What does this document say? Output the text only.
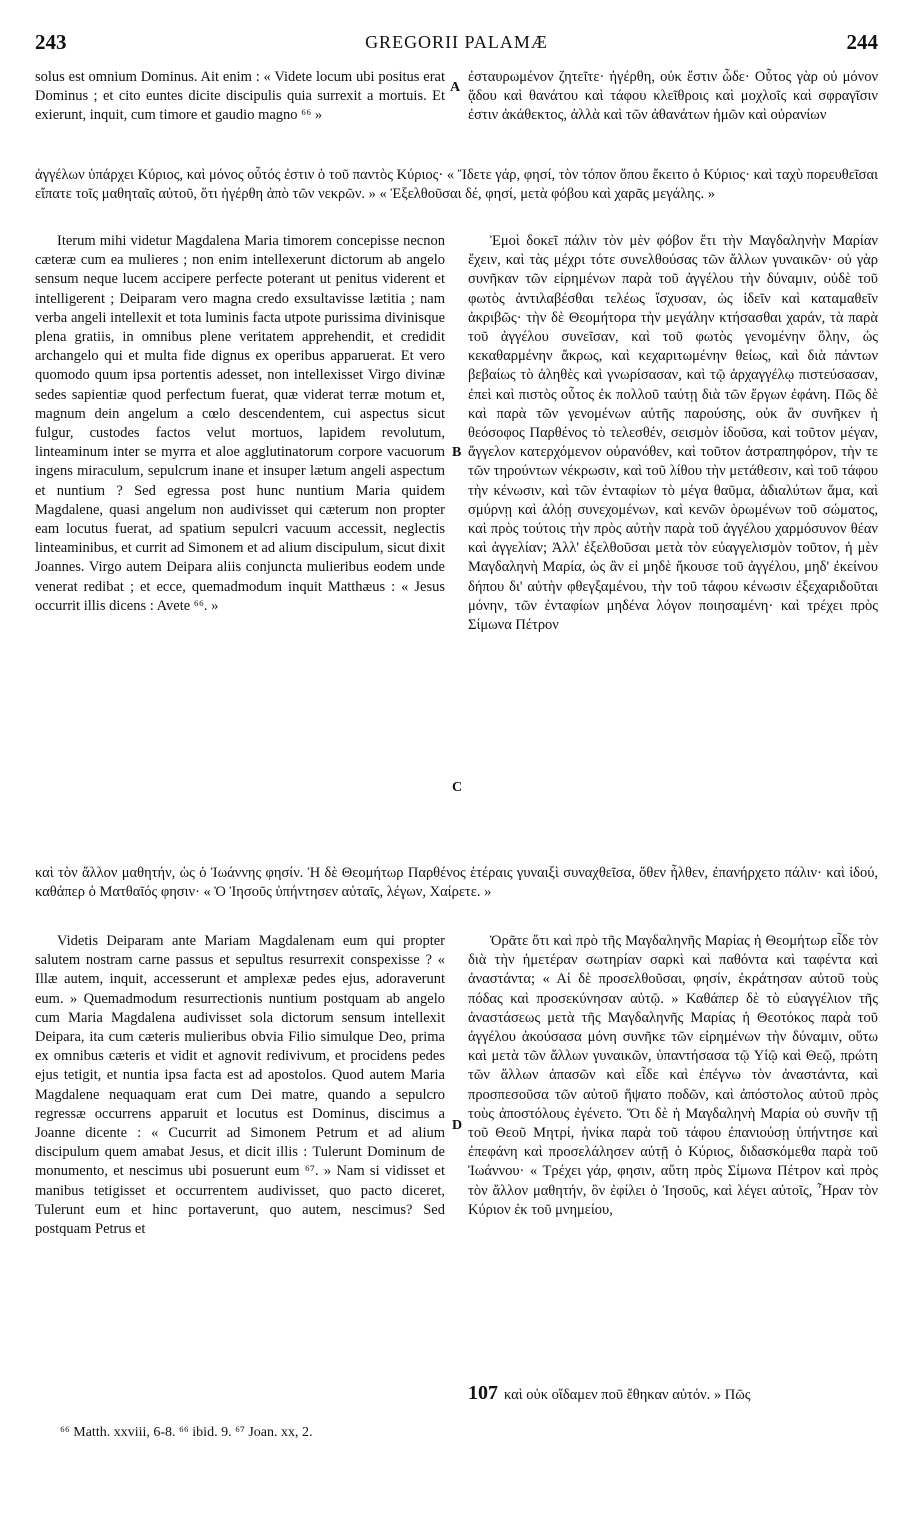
243	GREGORII PALAMÆ	244

solus est omnium Dominus. Ait enim : « Videte locum ubi positus erat Dominus ; et cito euntes dicite discipulis quia surrexit a mortuis. Et exierunt, inquit, cum timore et gaudio magno ⁶⁶ »

A

ἐσταυρωμένον ζητεῖτε· ἠγέρθη, οὐκ ἔστιν ὧδε· Οὗτος γὰρ οὐ μόνον ᾅδου καὶ θανάτου καὶ τάφου κλεῖθροις καὶ μοχλοῖς καὶ σφραγῖσιν ἐστιν ἀκάθεκτος, ἀλλὰ καὶ τῶν ἀθανάτων ἡμῶν καὶ οὐρανίων

ἀγγέλων ὑπάρχει Κύριος, καὶ μόνος οὗτός ἐστιν ὁ τοῦ παντὸς Κύριος· « Ἴδετε γάρ, φησί, τὸν τόπον ὅπου ἔκειτο ὁ Κύριος· καὶ ταχὺ πορευθεῖσαι εἴπατε τοῖς μαθηταῖς αὐτοῦ, ὅτι ἠγέρθη ἀπὸ τῶν νεκρῶν. » « Ἐξελθοῦσαι δέ, φησί, μετὰ φόβου καὶ χαρᾶς μεγάλης. »

Iterum mihi videtur Magdalena Maria timorem concepisse necnon cæteræ cum ea mulieres ; non enim intellexerunt dictorum ab angelo sensum neque lucem accipere perfecte poterant ut penitus viderent et intelligerent ; Deiparam vero magna credo exsultavisse lætitia ; nam verba angeli intellexit et tota luminis facta utpote purissima divinisque plena gratiis, in omnibus plene veritatem apprehendit, et credidit archangelo qui et multa fide dignus ex operibus apparuerat. Et vero quomodo quum ipsa portentis adesset, non intellexisset Virgo divinæ sedes sapientiæ quod perfectum fuerat, quæ viderat terræ motum et, magnum dein angelum a cœlo descendentem, cui aspectus sicut fulgur, custodes factos velut mortuos, lapidem revolutum, linteaminum inter se myrra et aloe agglutinatorum corpore vacuorum ingens miraculum, sepulcrum inane et insuper lætum angeli aspectum et nuntium ? Sed egressa post hunc nuntium Maria quidem Magdalene, quasi angelum non audivisset qui cæterum non propter eam locutus fuerat, ad spatium sepulcri vacuum accessit, neglectis linteaminibus, et currit ad Simonem et ad alium discipulum, sicut dixit Joannes. Virgo autem Deipara aliis conjuncta mulieribus eodem unde venerat redibat ; et ecce, quemadmodum inquit Matthæus : « Jesus occurrit illis dicens : Avete ⁶⁶. »

B
C

Ἐμοὶ δοκεῖ πάλιν τὸν μὲν φόβον ἔτι τὴν Μαγδαληνὴν Μαρίαν ἔχειν, καὶ τὰς μέχρι τότε συνελθούσας τῶν ἄλλων γυναικῶν· οὐ γὰρ συνῆκαν τῶν εἰρημένων παρὰ τοῦ ἀγγέλου τὴν δύναμιν, οὐδὲ τοῦ φωτὸς ἀντιλαβέσθαι τελέως ἴσχυσαν, ὡς ἰδεῖν καὶ καταμαθεῖν ἀκριβῶς· τὴν δὲ Θεομήτορα τὴν μεγάλην κτήσασθαι χαράν, τὰ παρὰ τοῦ ἀγγέλου συνεῖσαν, καὶ τοῦ φωτὸς γενομένην ὅλην, ὡς κεκαθαρμένην ἄκρως, καὶ κεχαριτωμένην θείως, καὶ διὰ πάντων βεβαίως τὸ ἀληθὲς καὶ γνωρίσασαν, καὶ τῷ ἀρχαγγέλῳ πιστεύσασαν, ἐπεὶ καὶ πιστὸς οὗτος ἐκ πολλοῦ ταύτῃ διὰ τῶν ἔργων ἐφάνη. Πῶς δὲ καὶ παρὰ τῶν γενομένων αὐτῆς παρούσης, οὐκ ἂν συνῆκεν ἡ θεόσοφος Παρθένος τὸ τελεσθέν, σεισμὸν ἰδοῦσα, καὶ τοῦτον μέγαν, ἄγγελον κατερχόμενον οὐρανόθεν, καὶ τοῦτον ἀστραπηφόρον, τὴν τε τῶν τηρούντων νέκρωσιν, καὶ τοῦ λίθου τὴν μετάθεσιν, καὶ τοῦ τάφου τὴν κένωσιν, καὶ τῶν ἐνταφίων τὸ μέγα θαῦμα, ἀδιαλύτων ἅμα, καὶ σμύρνῃ καὶ ἀλόῃ συνεχομένων, καὶ κενῶν ὁρωμένων τοῦ σώματος, καὶ πρὸς τούτοις τὴν πρὸς αὐτὴν παρὰ τοῦ ἀγγέλου χαρμόσυνον θέαν καὶ ἀγγελίαν; Ἀλλ' ἐξελθοῦσαι μετὰ τὸν εὐαγγελισμὸν τοῦτον, ἡ μὲν Μαγδαληνὴ Μαρία, ὡς ἂν εἰ μηδὲ ἤκουσε τοῦ ἀγγέλου, μηδ' ἐκείνου δήπου δι' αὐτὴν φθεγξαμένου, τὴν τοῦ τάφου κένωσιν ἐξεχαριδοῦται μόνην, τῶν ἐνταφίων μηδένα λόγον ποιησαμένη· καὶ τρέχει πρὸς Σίμωνα Πέτρον

καὶ τὸν ἄλλον μαθητήν, ὡς ὁ Ἰωάννης φησίν. Ἡ δὲ Θεομήτωρ Παρθένος ἑτέραις γυναιξὶ συναχθεῖσα, ὅθεν ἦλθεν, ἐπανήρχετο πάλιν· καὶ ἰδού, καθάπερ ὁ Ματθαῖός φησιν· « Ὁ Ἰησοῦς ὑπήντησεν αὐταῖς, λέγων, Χαίρετε. »

Videtis Deiparam ante Mariam Magdalenam eum qui propter salutem nostram carne passus et sepultus resurrexit conspexisse ? « Illæ autem, inquit, accesserunt et amplexæ pedes ejus, adoraverunt eum. » Quemadmodum resurrectionis nuntium postquam ab angelo cum Maria Magdalena audivisset sola dictorum sensum intellexit Deipara, ita cum cæteris mulieribus obvia Filio simulque Deo, prima ex omnibus cæteris et vidit et agnovit redivivum, et procidens pedes ejus tetigit, et nuntia ipsa facta est ad apostolos. Quod autem Maria Magdalene nequaquam erat cum Dei matre, quando a sepulcro regressæ occurrens apparuit et locutus est Dominus, discimus a Joanne dicente : « Cucurrit ad Simonem Petrum et ad alium discipulum quem amabat Jesus, et dicit illis : Tulerunt Dominum de monumento, et nescimus ubi posuerunt eum ⁶⁷. » Nam si vidisset et manibus tetigisset et occurrentem audivisset, quo pacto diceret, Tulerunt eum et hinc portaverunt, quo autem, nescimus? Sed postquam Petrus et

D

Ὁρᾶτε ὅτι καὶ πρὸ τῆς Μαγδαληνῆς Μαρίας ἡ Θεομήτωρ εἶδε τὸν διὰ τὴν ἡμετέραν σωτηρίαν σαρκὶ καὶ παθόντα καὶ ταφέντα καὶ ἀναστάντα; « Αἱ δὲ προσελθοῦσαι, φησίν, ἐκράτησαν αὐτοῦ τοὺς πόδας καὶ προσεκύνησαν αὐτῷ. » Καθάπερ δὲ τὸ εὐαγγέλιον τῆς ἀναστάσεως μετὰ τῆς Μαγδαληνῆς Μαρίας ἡ Θεοτόκος παρὰ τοῦ ἀγγέλου ἀκούσασα μόνη συνῆκε τῶν εἰρημένων τὴν δύναμιν, οὕτω καὶ μετὰ τῶν ἄλλων γυναικῶν, ὑπαντήσασα τῷ Υἱῷ καὶ Θεῷ, πρώτη τῶν ἄλλων ἁπασῶν καὶ εἶδε καὶ ἐπέγνω τὸν ἀναστάντα, καὶ προσπεσοῦσα τῶν αὐτοῦ ἥψατο ποδῶν, καὶ ἀπόστολος αὐτοῦ πρὸς τοὺς ἀποστόλους ἐγένετο. Ὅτι δὲ ἡ Μαγδαληνὴ Μαρία οὐ συνῆν τῇ τοῦ Θεοῦ Μητρί, ἡνίκα παρὰ τοῦ τάφου ἐπανιούσῃ ὑπήντησε καὶ ἐπεφάνη καὶ προσελάλησεν αὐτῇ ὁ Κύριος, διδασκόμεθα παρὰ τοῦ Ἰωάννου· « Τρέχει γάρ, φησιν, αὕτη πρὸς Σίμωνα Πέτρον καὶ πρὸς τὸν ἄλλον μαθητήν, ὃν ἐφίλει ὁ Ἰησοῦς, καὶ λέγει αὐτοῖς, Ἦραν τὸν Κύριον ἐκ τοῦ μνημείου,

107 καὶ οὐκ οἴδαμεν ποῦ ἔθηκαν αὐτόν. » Πῶς
⁶⁶ Matth. xxviii, 6-8. ⁶⁶ ibid. 9. ⁶⁷ Joan. xx, 2.
